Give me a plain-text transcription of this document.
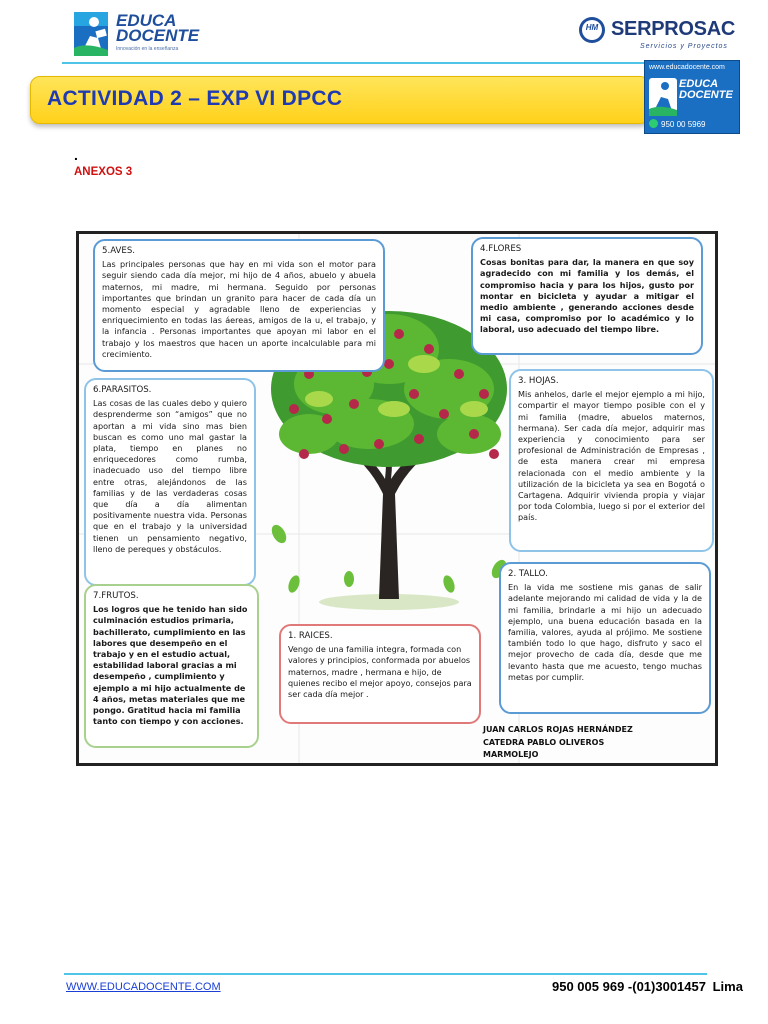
EDUCA
DOCENTE
Innovación en la enseñanza
HM SERPROSAC
Servicios y Proyectos
ACTIVIDAD 2 – EXP VI DPCC
www.educadocente.com
EDUCA
DOCENTE
950 00 5969
.
ANEXOS 3
5.AVES.
Las principales personas que hay en mi vida son el motor para seguir siendo cada día mejor, mi hijo de 4 años, abuelo y abuela maternos, mi madre, mi hermana. Seguido por personas importantes que brindan un granito para hacer de cada día un momento especial y agradable lleno de experiencias y enriquecimiento en todas las áereas, amigos de la u, el trabajo, y la infancia . Personas importantes que apoyan mi labor en el trabajo y los maestros que hacen un aporte incalculable para mi crecimiento.
4.FLORES
Cosas bonitas para dar, la manera en que soy agradecido con mi familia y los demás, el compromiso hacia y para los hijos, gusto por montar en bicicleta y ayudar a mitigar el medio ambiente , generando acciones desde mi casa, compromiso por lo académico y lo laboral, uso adecuado del tiempo libre.
6.PARASITOS.
Las cosas de las cuales debo y quiero desprenderme son “amigos” que no aportan a mi vida sino mas bien buscan es como uno mal gastar la plata, tiempo en planes no enriquecedores como rumba, inadecuado uso del tiempo libre entre otras, alejándonos de las familias y de las verdaderas cosas que día a día alimentan positivamente nuestra vida. Personas que en el trabajo y la universidad tienen un pensamiento negativo, lleno de pereques y obstáculos.
3. HOJAS.
Mis anhelos, darle el mejor ejemplo a mi hijo, compartir el mayor tiempo posible con el y mi familia (madre, abuelos maternos, hermana). Ser cada día mejor, adquirir mas experiencia y conocimiento para ser profesional de Administración de Empresas , de esta manera crear mi empresa relacionada con el medio ambiente y la utilización de la bicicleta ya sea en Bogotá o Cartagena. Adquirir vivienda propia y viajar por toda Colombia, luego si por el exterior del país.
7.FRUTOS.
Los logros que he tenido han sido culminación estudios primaria, bachillerato, cumplimiento en las labores que desempeño en el trabajo y en el estudio actual, estabilidad laboral gracias a mi desempeño , cumplimiento y ejemplo a mi hijo actualmente de 4 años, metas materiales que me pongo. Gratitud hacia mi familia tanto con tiempo y con acciones.
1. RAICES.
Vengo de una familia integra, formada con valores y principios, conformada por abuelos maternos, madre , hermana e hijo, de quienes recibo el mejor apoyo, consejos para ser cada día mejor .
2. TALLO.
En la vida me sostiene mis ganas de salir adelante mejorando mi calidad de vida y la de mi familia, brindarle a mi hijo un adecuado ejemplo, una buena educación basada en la familia, valores, ayuda al prójimo. Me sostiene también todo lo que hago, disfruto y saco el mejor provecho de cada día, desde que me levanto hasta que me acuesto, tengo muchas metas por cumplir.
JUAN CARLOS ROJAS HERNÁNDEZ
CATEDRA PABLO OLIVEROS
MARMOLEJO
WWW.EDUCADOCENTE.COM	950 005 969 -(01)3001457 Lima
